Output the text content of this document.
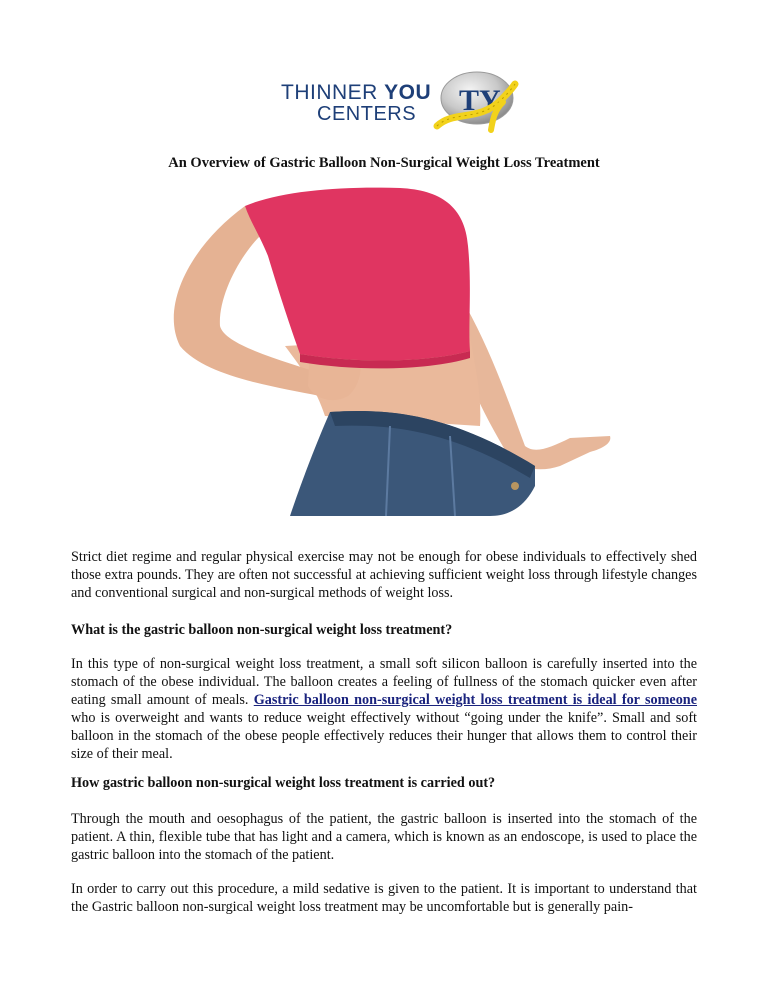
THINNER YOU
CENTERS	TY
An Overview of Gastric Balloon Non-Surgical Weight Loss Treatment

Strict diet regime and regular physical exercise may not be enough for obese individuals to effectively shed those extra pounds. They are often not successful at achieving sufficient weight loss through lifestyle changes and conventional surgical and non-surgical methods of weight loss.

What is the gastric balloon non-surgical weight loss treatment?

In this type of non-surgical weight loss treatment, a small soft silicon balloon is carefully inserted into the stomach of the obese individual. The balloon creates a feeling of fullness of the stomach quicker even after eating small amount of meals. Gastric balloon non-surgical weight loss treatment is ideal for someone who is overweight and wants to reduce weight effectively without “going under the knife”. Small and soft balloon in the stomach of the obese people effectively reduces their hunger that allows them to control their size of their meal.

How gastric balloon non-surgical weight loss treatment is carried out?

Through the mouth and oesophagus of the patient, the gastric balloon is inserted into the stomach of the patient. A thin, flexible tube that has light and a camera, which is known as an endoscope, is used to place the gastric balloon into the stomach of the patient.

In order to carry out this procedure, a mild sedative is given to the patient. It is important to understand that the Gastric balloon non-surgical weight loss treatment may be uncomfortable but is generally pain-
